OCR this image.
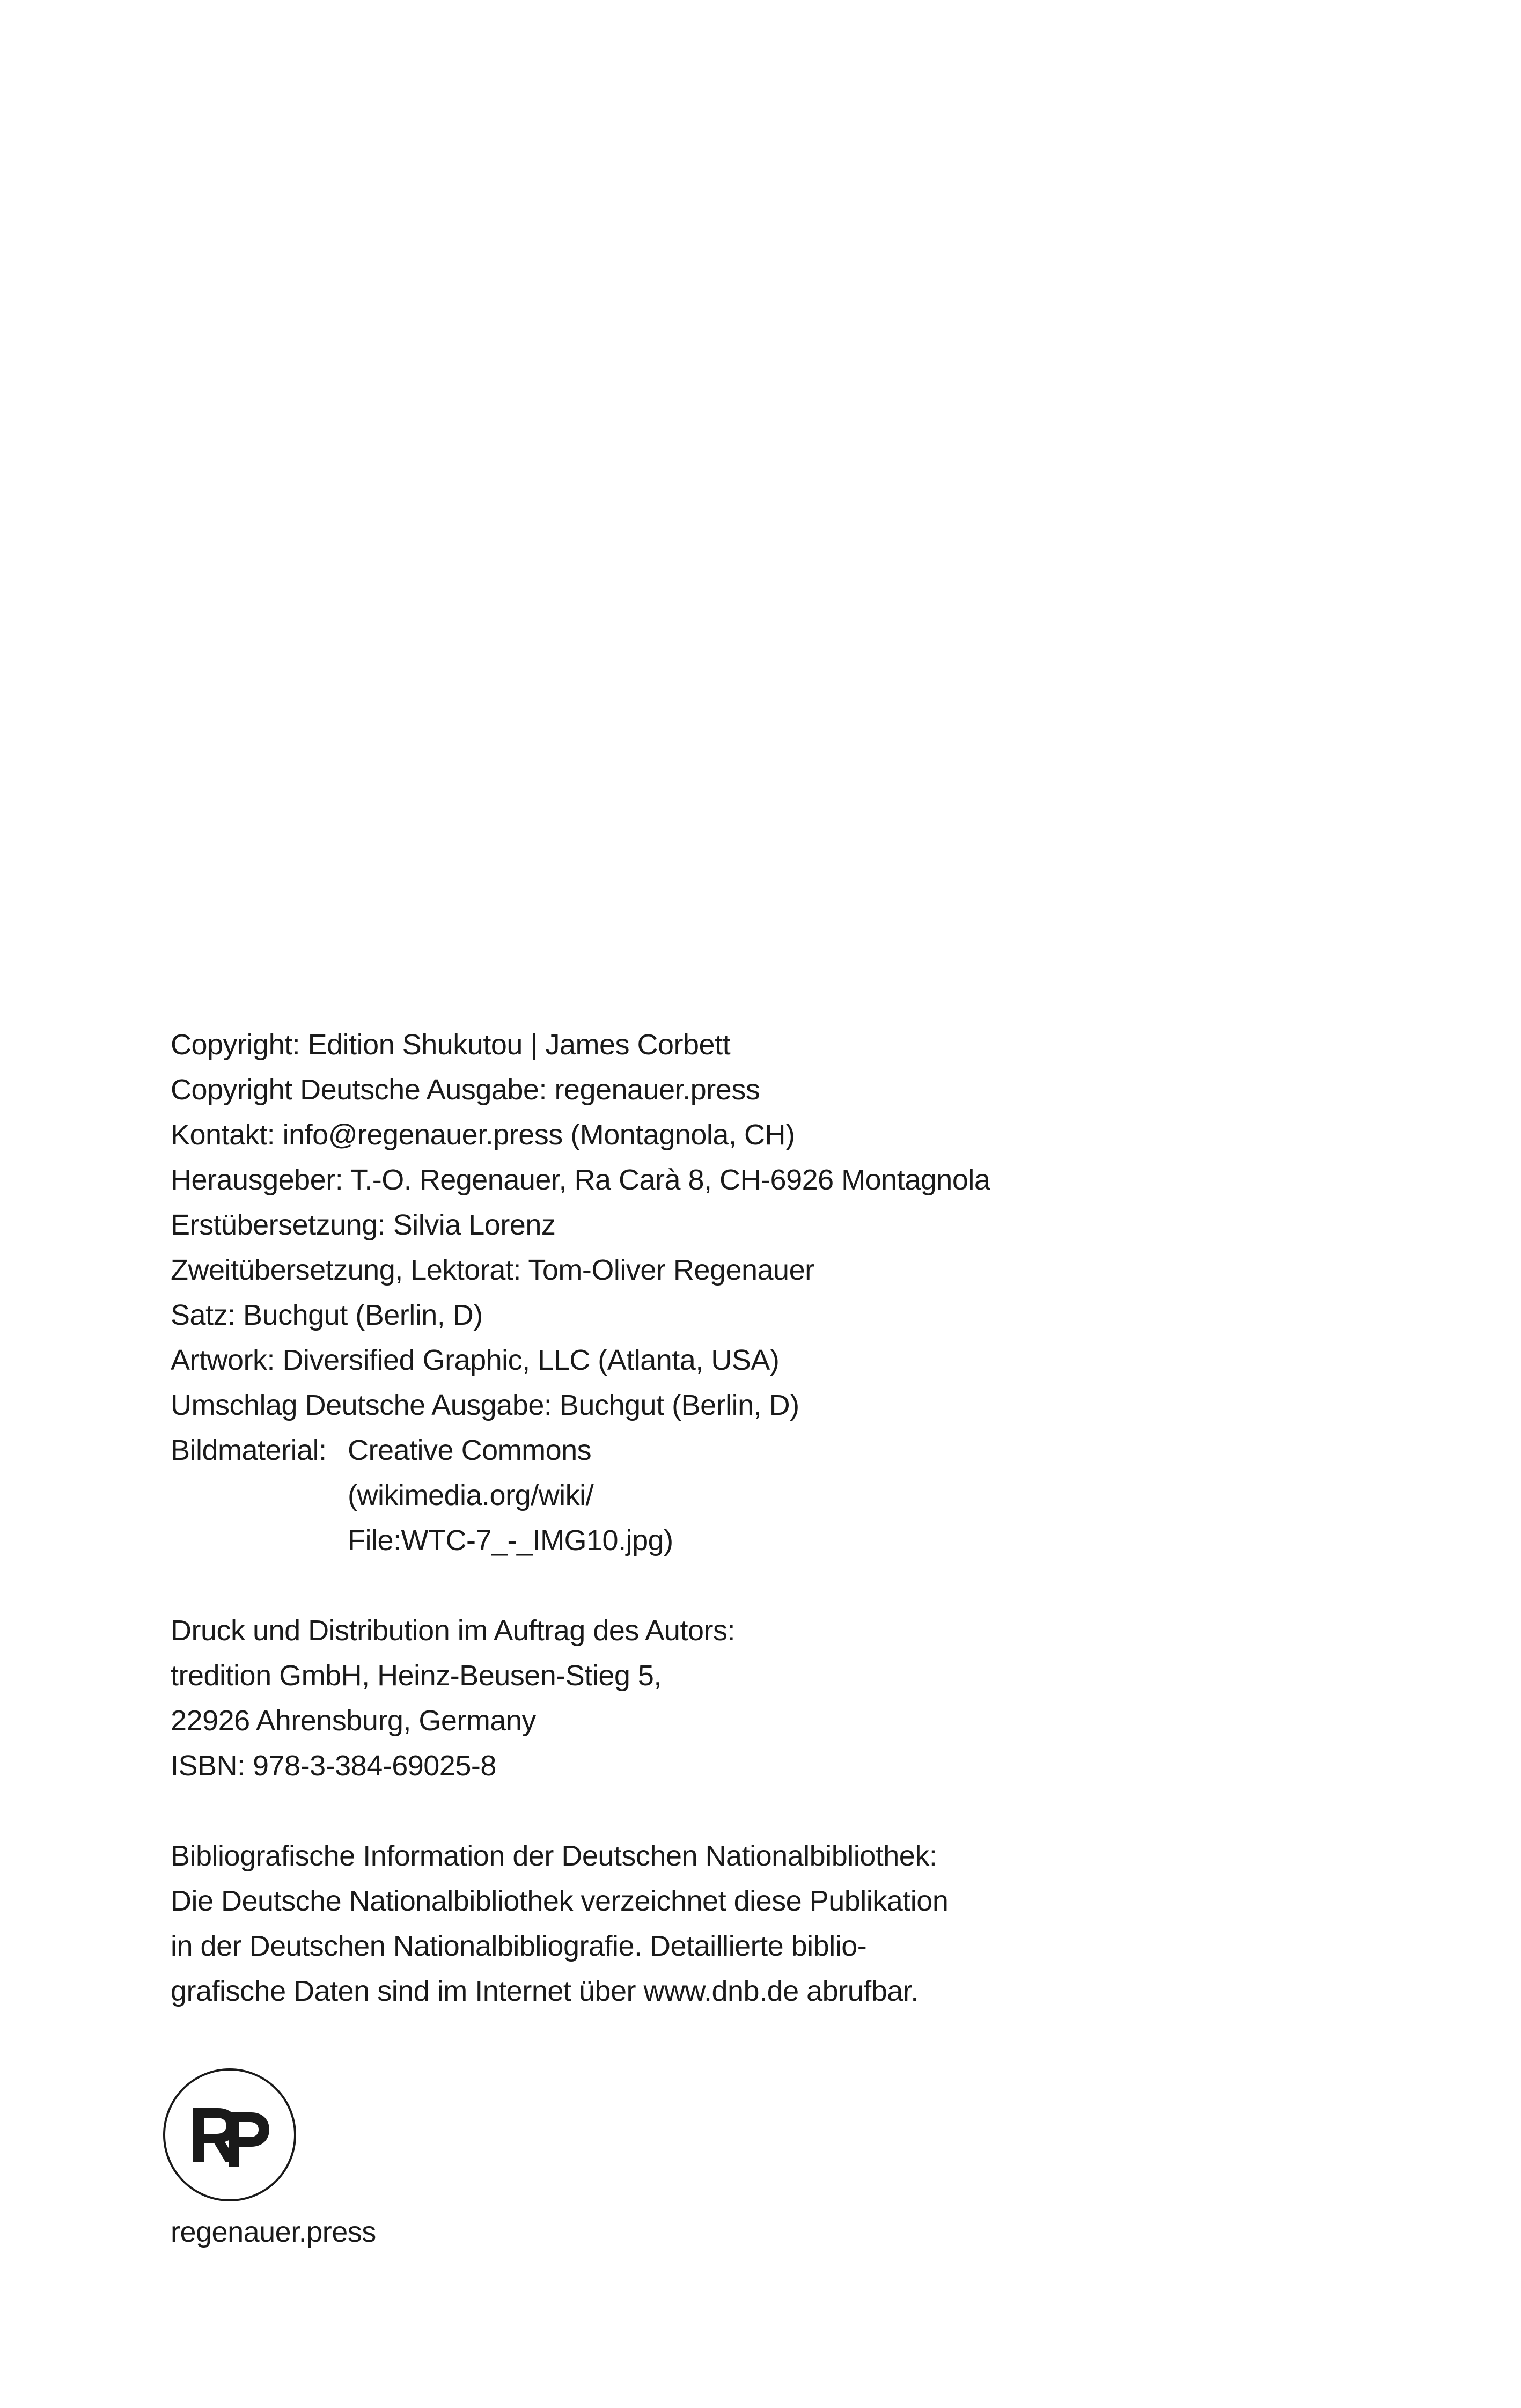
Copyright: Edition Shukutou | James Corbett
Copyright Deutsche Ausgabe: regenauer.press
Kontakt: info@regenauer.press (Montagnola, CH)
Herausgeber: T.-O. Regenauer, Ra Carà 8, CH-6926 Montagnola
Erstübersetzung: Silvia Lorenz
Zweitübersetzung, Lektorat: Tom-Oliver Regenauer
Satz: Buchgut (Berlin, D)
Artwork: Diversified Graphic, LLC (Atlanta, USA)
Umschlag Deutsche Ausgabe: Buchgut (Berlin, D)
Bildmaterial: Creative Commons
(wikimedia.org/wiki/
File:WTC-7_-_IMG10.jpg)
Druck und Distribution im Auftrag des Autors:
tredition GmbH, Heinz-Beusen-Stieg 5,
22926 Ahrensburg, Germany
ISBN: 978-3-384-69025-8
Bibliografische Information der Deutschen Nationalbibliothek:
Die Deutsche Nationalbibliothek verzeichnet diese Publikation
in der Deutschen Nationalbibliografie. Detaillierte biblio-
grafische Daten sind im Internet über www.dnb.de abrufbar.
regenauer.press
